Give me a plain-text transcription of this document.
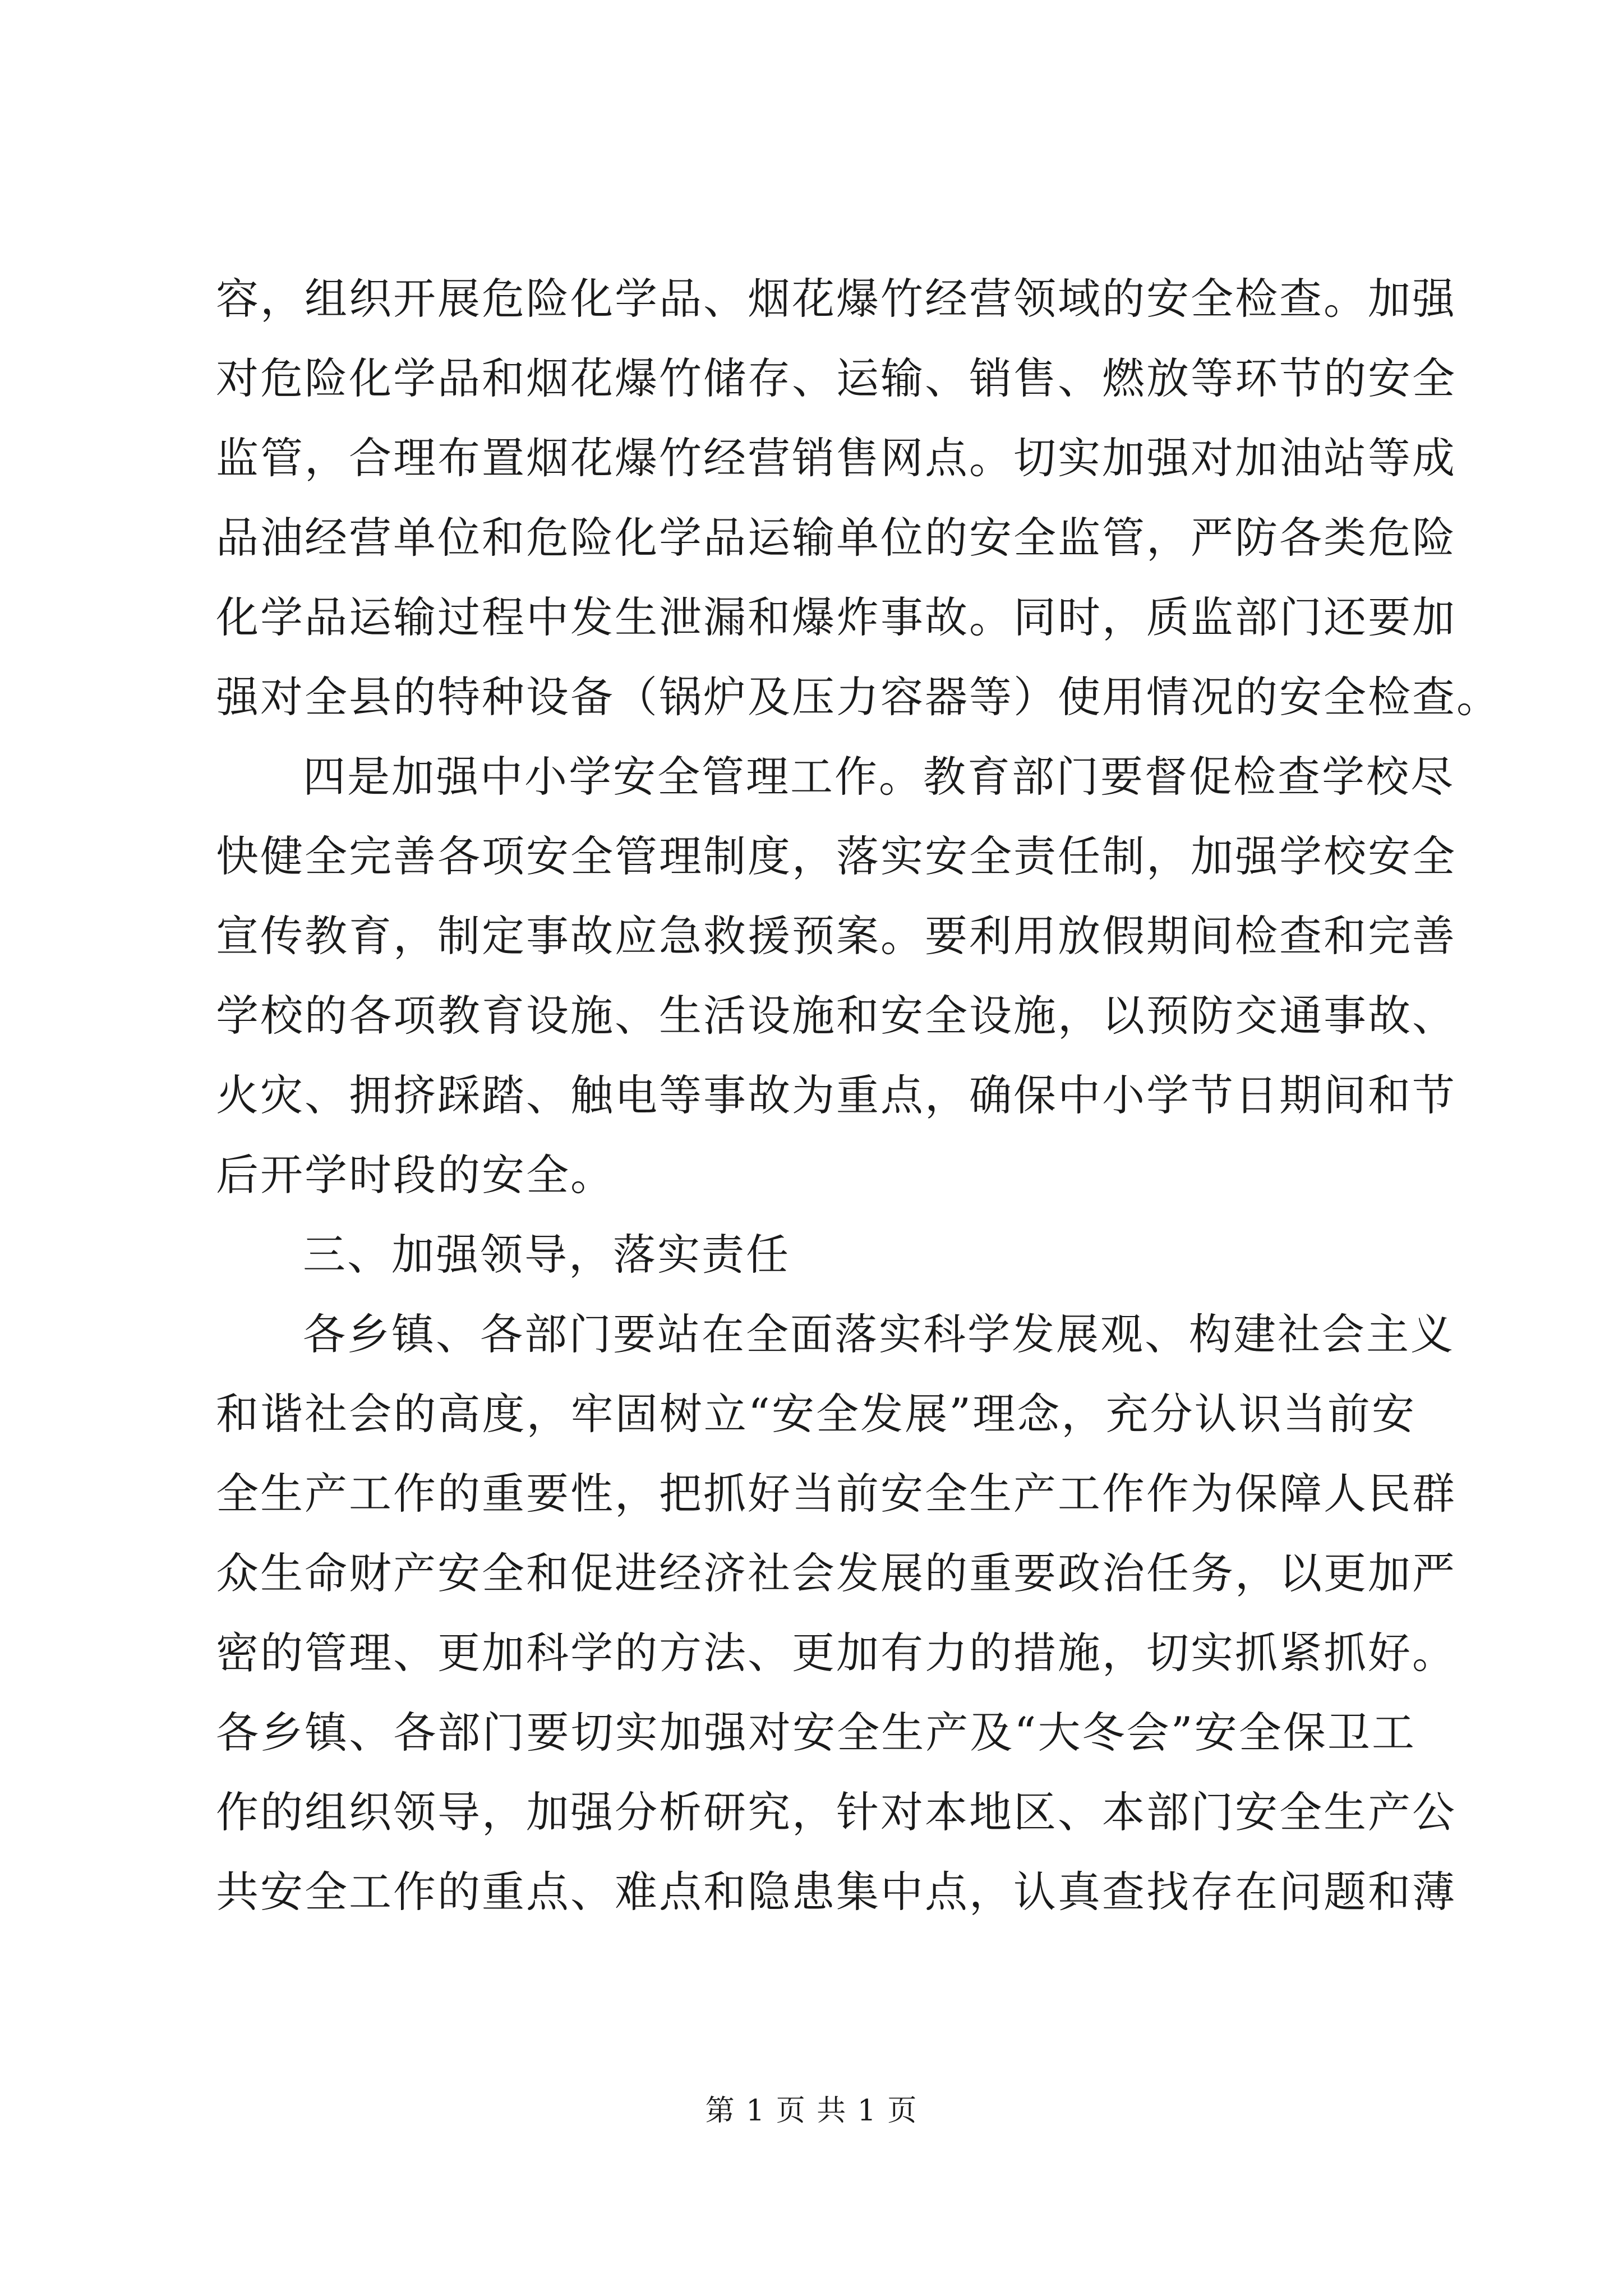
容，组织开展危险化学品、烟花爆竹经营领域的安全检查。加强
对危险化学品和烟花爆竹储存、运输、销售、燃放等环节的安全
监管，合理布置烟花爆竹经营销售网点。切实加强对加油站等成
品油经营单位和危险化学品运输单位的安全监管，严防各类危险
化学品运输过程中发生泄漏和爆炸事故。同时，质监部门还要加
强对全县的特种设备（锅炉及压力容器等）使用情况的安全检查。
四是加强中小学安全管理工作。教育部门要督促检查学校尽
快健全完善各项安全管理制度，落实安全责任制，加强学校安全
宣传教育，制定事故应急救援预案。要利用放假期间检查和完善
学校的各项教育设施、生活设施和安全设施，以预防交通事故、
火灾、拥挤踩踏、触电等事故为重点，确保中小学节日期间和节
后开学时段的安全。
三、加强领导，落实责任
各乡镇、各部门要站在全面落实科学发展观、构建社会主义
和谐社会的高度，牢固树立“安全发展”理念，充分认识当前安
全生产工作的重要性，把抓好当前安全生产工作作为保障人民群
众生命财产安全和促进经济社会发展的重要政治任务，以更加严
密的管理、更加科学的方法、更加有力的措施，切实抓紧抓好。
各乡镇、各部门要切实加强对安全生产及“大冬会”安全保卫工
作的组织领导，加强分析研究，针对本地区、本部门安全生产公
共安全工作的重点、难点和隐患集中点，认真查找存在问题和薄
第 1 页 共 1 页
